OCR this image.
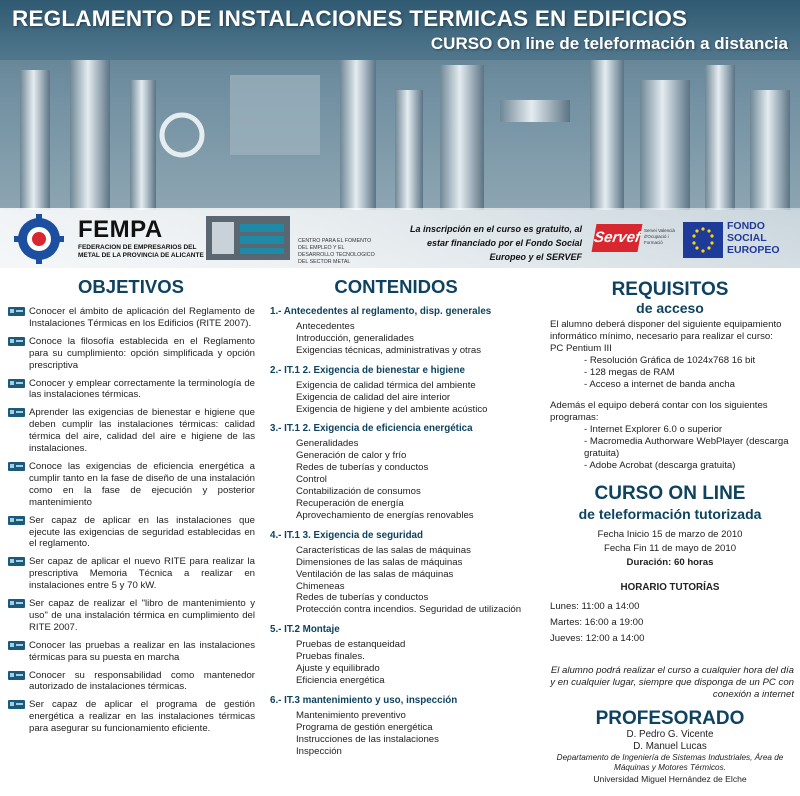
REGLAMENTO DE INSTALACIONES TERMICAS EN EDIFICIOS
CURSO On line de teleformación a distancia
FEMPA
FEDERACION DE EMPRESARIOS DEL METAL DE LA PROVINCIA DE ALICANTE
CENTRO PARA EL FOMENTO DEL EMPLEO Y EL DESARROLLO TECNOLOGICO DEL SECTOR METAL
La inscripción en el curso es gratuito, al estar financiado por el Fondo Social Europeo y el SERVEF
Servef Servei Valencià d'Ocupació i Formació
FONDO SOCIAL EUROPEO
OBJETIVOS
Conocer el ámbito de aplicación del Reglamento de Instalaciones Térmicas en los Edificios (RITE 2007).
Conoce la filosofía establecida en el Reglamento para su cumplimiento: opción simplificada y opción prescriptiva
Conocer y emplear correctamente la terminología de las instalaciones térmicas.
Aprender las exigencias de bienestar e higiene que deben cumplir las instalaciones térmicas: calidad térmica del aire, calidad del aire e higiene de las instalaciones.
Conoce las exigencias de eficiencia energética a cumplir tanto en la fase de diseño de una instalación como en la fase de ejecución y posterior mantenimiento
Ser capaz de aplicar en las instalaciones que ejecute las exigencias de seguridad establecidas en el reglamento.
Ser capaz de aplicar el nuevo RITE para realizar la prescriptiva Memoria Técnica a realizar en instalaciones entre 5 y 70 kW.
Ser capaz de realizar el "libro de mantenimiento y uso" de una instalación térmica en cumplimiento del RITE 2007.
Conocer las pruebas a realizar en las instalaciones térmicas para su puesta en marcha
Conocer su responsabilidad como mantenedor autorizado de instalaciones térmicas.
Ser capaz de aplicar el programa de gestión energética a realizar en las instalaciones térmicas para asegurar su funcionamiento eficiente.
CONTENIDOS
1.- Antecedentes al reglamento, disp. generales
Antecedentes
Introducción, generalidades
Exigencias técnicas, administrativas y otras
2.- IT.1 2. Exigencia de bienestar e higiene
Exigencia de calidad térmica del ambiente
Exigencia de calidad del aire interior
Exigencia de higiene y del ambiente acústico
3.- IT.1 2. Exigencia de eficiencia energética
Generalidades
Generación de calor y frío
Redes de tuberías y conductos
Control
Contabilización de consumos
Recuperación de energía
Aprovechamiento de energías renovables
4.- IT.1 3. Exigencia de seguridad
Características de las salas de máquinas
Dimensiones de las salas de máquinas
Ventilación de las salas de máquinas
Chimeneas
Redes de tuberías y conductos
Protección contra incendios. Seguridad de utilización
5.- IT.2 Montaje
Pruebas de estanqueidad
Pruebas finales.
Ajuste y equilibrado
Eficiencia energética
6.- IT.3 mantenimiento y uso, inspección
Mantenimiento preventivo
Programa de gestión energética
Instrucciones de las instalaciones
Inspección
REQUISITOS
de acceso
El alumno deberá disponer del siguiente equipamiento informático mínimo, necesario para realizar el curso:
PC Pentium III
- Resolución Gráfica de 1024x768 16 bit
- 128 megas de RAM
- Acceso a internet de banda ancha
Además el equipo deberá contar con los siguientes programas:
- Internet Explorer 6.0 o superior
- Macromedia Authorware WebPlayer (descarga gratuita)
- Adobe Acrobat (descarga gratuita)
CURSO ON LINE
de teleformación tutorizada
Fecha Inicio 15 de marzo de 2010
Fecha Fin 11 de mayo de 2010
Duración: 60 horas
HORARIO TUTORÍAS
Lunes: 11:00 a 14:00
Martes: 16:00 a 19:00
Jueves: 12:00 a 14:00
El alumno podrá realizar el curso a cualquier hora del día y en cualquier lugar, siempre que disponga de un PC con conexión a internet
PROFESORADO
D. Pedro G. Vicente
D. Manuel Lucas
Departamento de Ingeniería de Sistemas Industriales, Área de Máquinas y Motores Térmicos.
Universidad Miguel Hernández de Elche
